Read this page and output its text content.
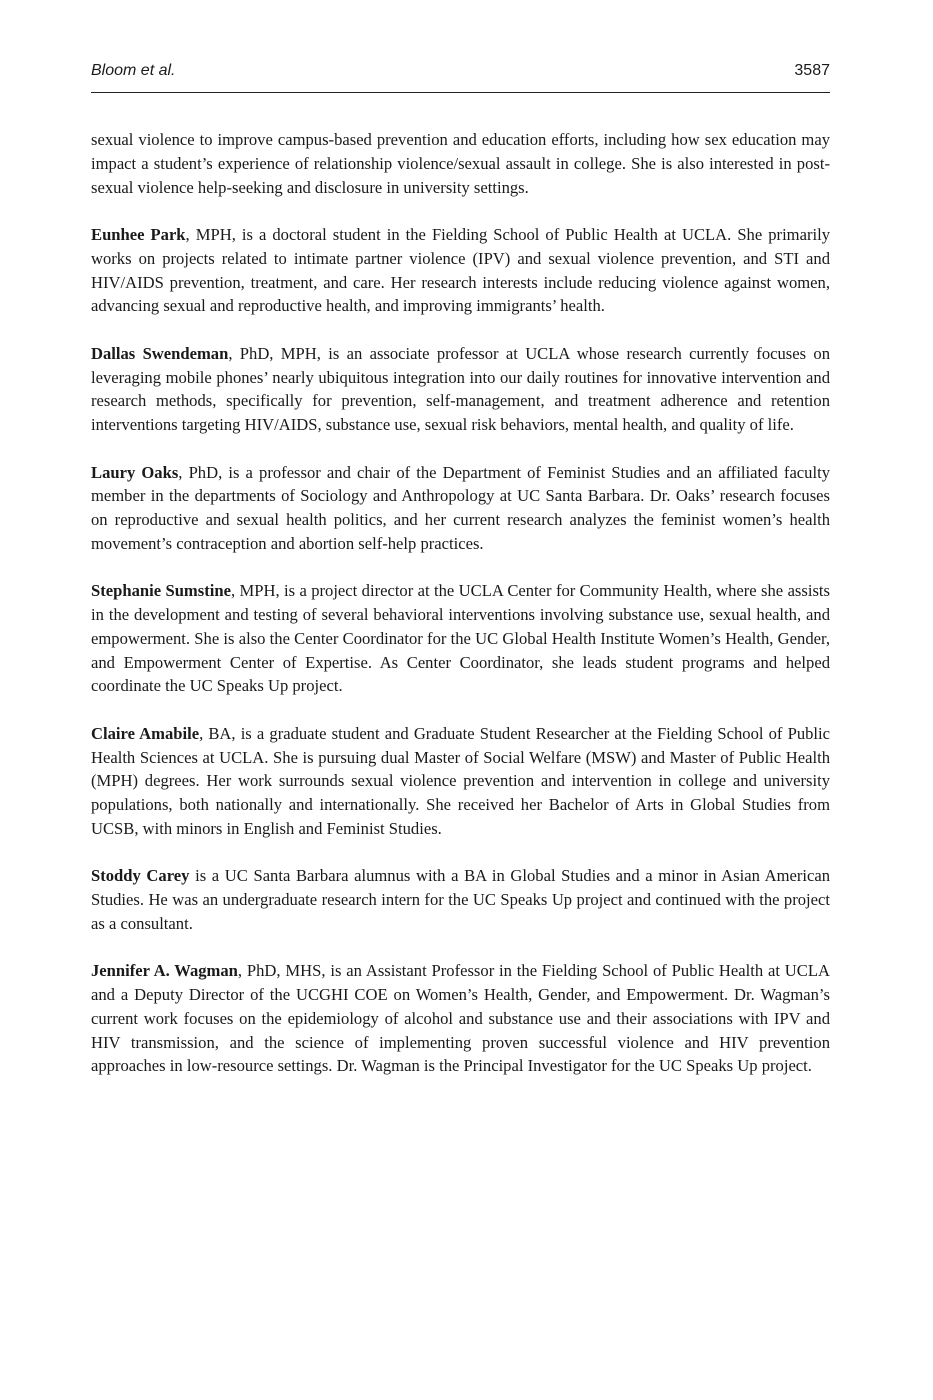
Bloom et al.	3587

sexual violence to improve campus-based prevention and education efforts, including how sex education may impact a student’s experience of relationship violence/sexual assault in college. She is also interested in post-sexual violence help-seeking and disclosure in university settings.

Eunhee Park, MPH, is a doctoral student in the Fielding School of Public Health at UCLA. She primarily works on projects related to intimate partner violence (IPV) and sexual violence prevention, and STI and HIV/AIDS prevention, treatment, and care. Her research interests include reducing violence against women, advancing sexual and reproductive health, and improving immigrants’ health.

Dallas Swendeman, PhD, MPH, is an associate professor at UCLA whose research currently focuses on leveraging mobile phones’ nearly ubiquitous integration into our daily routines for innovative intervention and research methods, specifically for prevention, self-management, and treatment adherence and retention interventions targeting HIV/AIDS, substance use, sexual risk behaviors, mental health, and quality of life.

Laury Oaks, PhD, is a professor and chair of the Department of Feminist Studies and an affiliated faculty member in the departments of Sociology and Anthropology at UC Santa Barbara. Dr. Oaks’ research focuses on reproductive and sexual health politics, and her current research analyzes the feminist women’s health movement’s contraception and abortion self-help practices.

Stephanie Sumstine, MPH, is a project director at the UCLA Center for Community Health, where she assists in the development and testing of several behavioral interventions involving substance use, sexual health, and empowerment. She is also the Center Coordinator for the UC Global Health Institute Women’s Health, Gender, and Empowerment Center of Expertise. As Center Coordinator, she leads student programs and helped coordinate the UC Speaks Up project.

Claire Amabile, BA, is a graduate student and Graduate Student Researcher at the Fielding School of Public Health Sciences at UCLA. She is pursuing dual Master of Social Welfare (MSW) and Master of Public Health (MPH) degrees. Her work surrounds sexual violence prevention and intervention in college and university populations, both nationally and internationally. She received her Bachelor of Arts in Global Studies from UCSB, with minors in English and Feminist Studies.

Stoddy Carey is a UC Santa Barbara alumnus with a BA in Global Studies and a minor in Asian American Studies. He was an undergraduate research intern for the UC Speaks Up project and continued with the project as a consultant.

Jennifer A. Wagman, PhD, MHS, is an Assistant Professor in the Fielding School of Public Health at UCLA and a Deputy Director of the UCGHI COE on Women’s Health, Gender, and Empowerment. Dr. Wagman’s current work focuses on the epidemiology of alcohol and substance use and their associations with IPV and HIV transmission, and the science of implementing proven successful violence and HIV prevention approaches in low-resource settings. Dr. Wagman is the Principal Investigator for the UC Speaks Up project.
